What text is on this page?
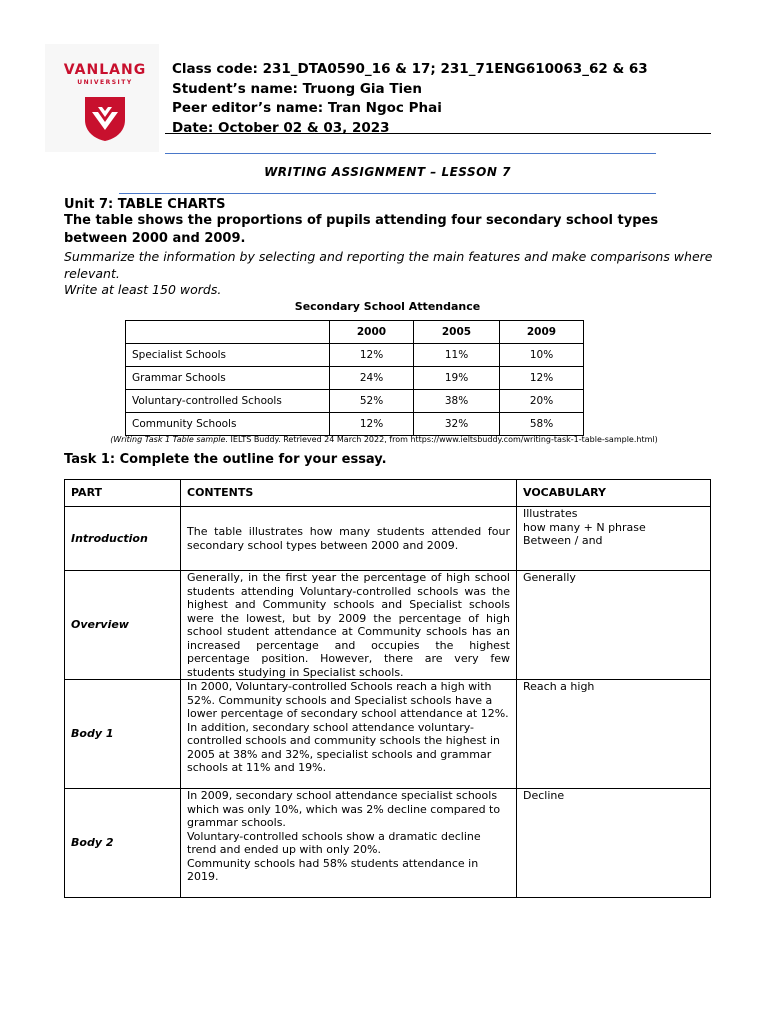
VANLANG
UNIVERSITY
Class code: 231_DTA0590_16 & 17; 231_71ENG610063_62 & 63
Student’s name: Truong Gia Tien
Peer editor’s name: Tran Ngoc Phai
Date: October 02 & 03, 2023
WRITING ASSIGNMENT – LESSON 7
Unit 7: TABLE CHARTS
The table shows the proportions of pupils attending four secondary school types between 2000 and 2009.
Summarize the information by selecting and reporting the main features and make comparisons where relevant.
Write at least 150 words.
Secondary School Attendance
	2000	2005	2009
Specialist Schools	12%	11%	10%
Grammar Schools	24%	19%	12%
Voluntary-controlled Schools	52%	38%	20%
Community Schools	12%	32%	58%
(Writing Task 1 Table sample. IELTS Buddy. Retrieved 24 March 2022, from https://www.ieltsbuddy.com/writing-task-1-table-sample.html)
Task 1: Complete the outline for your essay.
PART	CONTENTS	VOCABULARY
Introduction	The table illustrates how many students attended four secondary school types between 2000 and 2009.	Illustrates
how many + N phrase
Between / and

Overview	Generally, in the first year the percentage of high school students attending Voluntary-controlled schools was the highest and Community schools and Specialist schools were the lowest, but by 2009 the percentage of high school student attendance at Community schools has an increased percentage and occupies the highest percentage position. However, there are very few students studying in Specialist schools.	Generally

Body 1	In 2000, Voluntary-controlled Schools reach a high with 52%. Community schools and Specialist schools have a lower percentage of secondary school attendance at 12%.
In addition, secondary school attendance voluntary-controlled schools and community schools the highest in 2005 at 38% and 32%, specialist schools and grammar schools at 11% and 19%.	Reach a high

Body 2	In 2009, secondary school attendance specialist schools which was only 10%, which was 2% decline compared to grammar schools.
Voluntary-controlled schools show a dramatic decline trend and ended up with only 20%.
Community schools had 58% students attendance in 2019.	Decline
